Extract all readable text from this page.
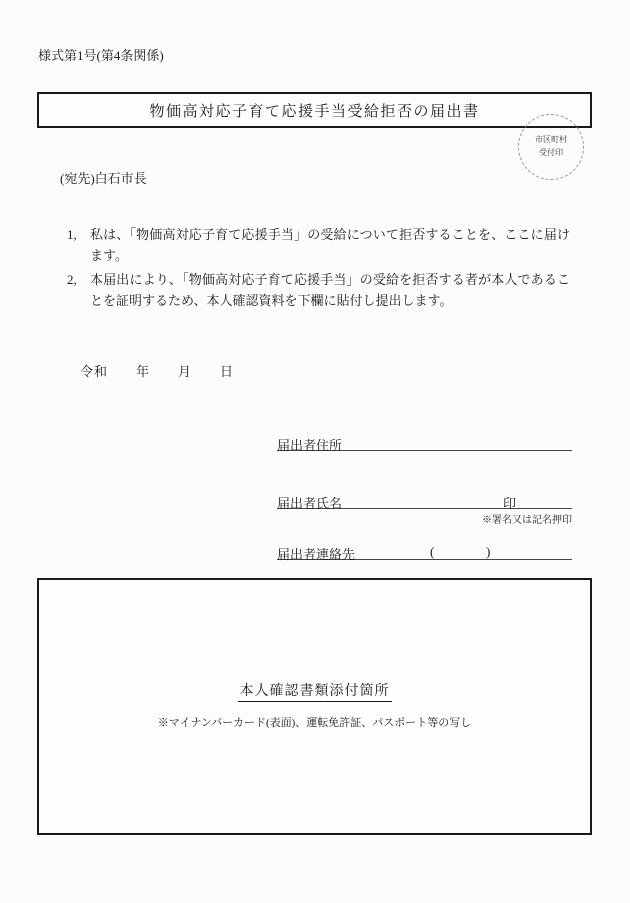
様式第1号(第4条関係)
物価高対応子育て応援手当受給拒否の届出書
市区町村
受付印
(宛先)白石市長
1,	私は、「物価高対応子育て応援手当」の受給について拒否することを、ここに届けます。
2,	本届出により、「物価高対応子育て応援手当」の受給を拒否する者が本人であることを証明するため、本人確認資料を下欄に貼付し提出します。
令和　　年　　月　　日
届出者住所
届出者氏名	印
※署名又は記名押印
届出者連絡先	(	)
本人確認書類添付箇所
※マイナンバーカード(表面)、運転免許証、パスポート等の写し
